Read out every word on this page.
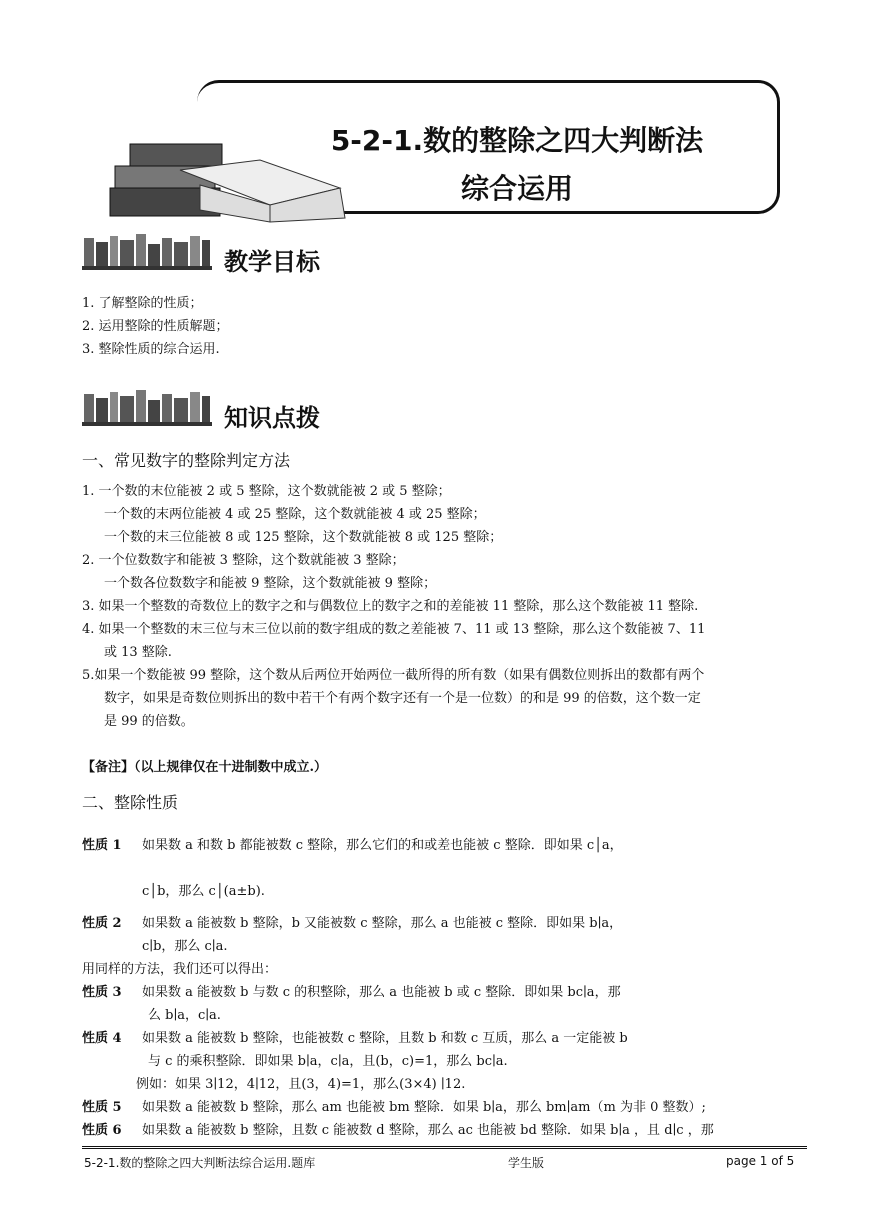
5-2-1.数的整除之四大判断法
综合运用
教学目标
1. 了解整除的性质；
2. 运用整除的性质解题；
3. 整除性质的综合运用.
知识点拨
一、常见数字的整除判定方法
1. 一个数的末位能被 2 或 5 整除，这个数就能被 2 或 5 整除；
一个数的末两位能被 4 或 25 整除，这个数就能被 4 或 25 整除；
一个数的末三位能被 8 或 125 整除，这个数就能被 8 或 125 整除；
2. 一个位数数字和能被 3 整除，这个数就能被 3 整除；
一个数各位数数字和能被 9 整除，这个数就能被 9 整除；
3. 如果一个整数的奇数位上的数字之和与偶数位上的数字之和的差能被 11 整除，那么这个数能被 11 整除.
4. 如果一个整数的末三位与末三位以前的数字组成的数之差能被 7、11 或 13 整除，那么这个数能被 7、11
或 13 整除.
5.如果一个数能被 99 整除，这个数从后两位开始两位一截所得的所有数（如果有偶数位则拆出的数都有两个
数字，如果是奇数位则拆出的数中若干个有两个数字还有一个是一位数）的和是 99 的倍数，这个数一定
是 99 的倍数。
【备注】（以上规律仅在十进制数中成立.）
二、整除性质
性质 1 如果数 a 和数 b 都能被数 c 整除，那么它们的和或差也能被 c 整除．即如果 c│a，
c│b，那么 c│(a±b).
性质 2 如果数 a 能被数 b 整除，b 又能被数 c 整除，那么 a 也能被 c 整除．即如果 b∣a，
c∣b，那么 c∣a.
用同样的方法，我们还可以得出：
性质 3 如果数 a 能被数 b 与数 c 的积整除，那么 a 也能被 b 或 c 整除．即如果 bc∣a，那
么 b∣a，c∣a.
性质 4 如果数 a 能被数 b 整除，也能被数 c 整除，且数 b 和数 c 互质，那么 a 一定能被 b
与 c 的乘积整除．即如果 b∣a，c∣a，且(b，c)=1，那么 bc∣a.
例如：如果 3∣12，4∣12，且(3，4)=1，那么(3×4) ∣12.
性质 5 如果数 a 能被数 b 整除，那么 am 也能被 bm 整除．如果 b∣a，那么 bm∣am（m 为非 0 整数）;
性质 6 如果数 a 能被数 b 整除，且数 c 能被数 d 整除，那么 ac 也能被 bd 整除．如果 b∣a ，且 d∣c ，那
5-2-1.数的整除之四大判断法综合运用.题库	学生版	page 1 of 5
